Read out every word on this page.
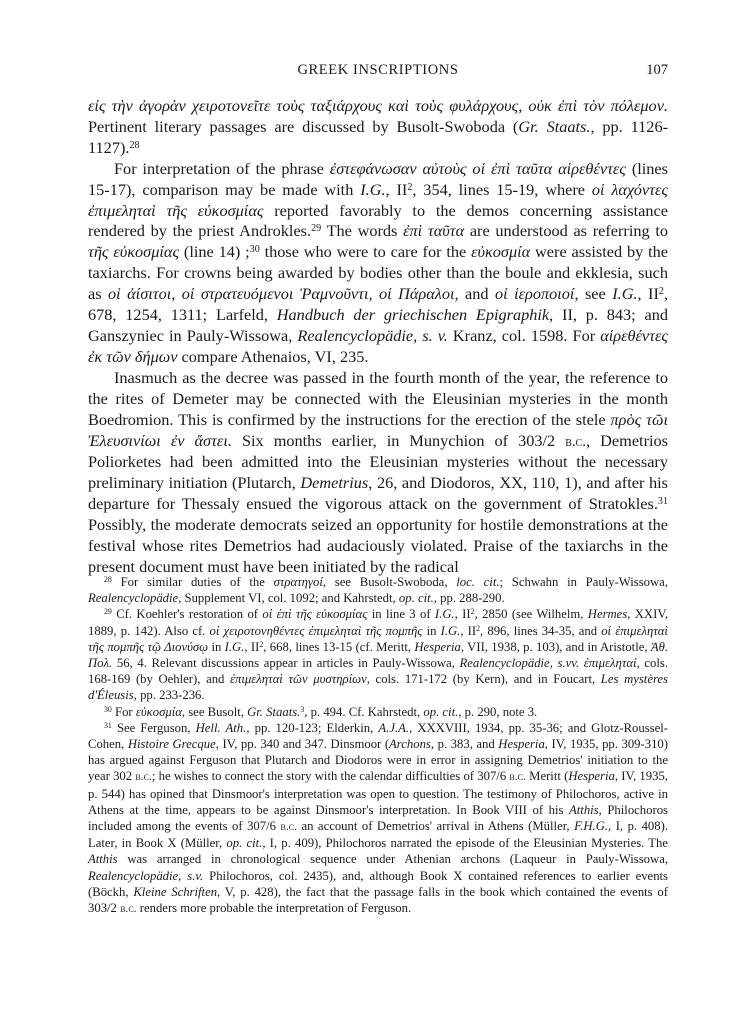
GREEK INSCRIPTIONS	107

εἰς τὴν ἀγορὰν χειροτονεῖτε τοὺς ταξιάρχους καὶ τοὺς φυλάρχους, οὐκ ἐπὶ τὸν πόλεμον. Pertinent literary passages are discussed by Busolt-Swoboda (Gr. Staats., pp. 1126-1127).$^{28}$

For interpretation of the phrase ἐστεφάνωσαν αὐτοὺς οἱ ἐπὶ ταῦτα αἱρεθέντες (lines 15-17), comparison may be made with I.G., $II^2$, 354, lines 15-19, where οἱ λαχόντες ἐπιμεληταὶ τῆς εὐκοσμίας reported favorably to the demos concerning assistance rendered by the priest Androkles.$^{29}$ The words ἐπὶ ταῦτα are understood as referring to τῆς εὐκοσμίας (line 14) ;$^{30}$ those who were to care for the εὐκοσμία were assisted by the taxiarchs. For crowns being awarded by bodies other than the boule and ekklesia, such as οἱ ἀίσιτοι, οἱ στρατευόμενοι Ῥαμνοῦντι, οἱ Πάραλοι, and οἱ ἱεροποιοί, see I.G., $II^2$, 678, 1254, 1311; Larfeld, Handbuch der griechischen Epigraphik, II, p. 843; and Ganszyniec in Pauly-Wissowa, Realencyclopädie, s. v. Kranz, col. 1598. For αἱρεθέντες ἐκ τῶν δήμων compare Athenaios, VI, 235.

Inasmuch as the decree was passed in the fourth month of the year, the reference to the rites of Demeter may be connected with the Eleusinian mysteries in the month Boedromion. This is confirmed by the instructions for the erection of the stele πρὸς τῶι Ἐλευσινίωι ἐν ἄστει. Six months earlier, in Munychion of 303/2 b.c., Demetrios Poliorketes had been admitted into the Eleusinian mysteries without the necessary preliminary initiation (Plutarch, Demetrius, 26, and Diodoros, XX, 110, 1), and after his departure for Thessaly ensued the vigorous attack on the government of Stratokles.$^{31}$ Possibly, the moderate democrats seized an opportunity for hostile demonstrations at the festival whose rites Demetrios had audaciously violated. Praise of the taxiarchs in the present document must have been initiated by the radical

$^{28}$ For similar duties of the στρατηγοί, see Busolt-Swoboda, loc. cit.; Schwahn in Pauly-Wissowa, Realencyclopädie, Supplement VI, col. 1092; and Kahrstedt, op. cit., pp. 288-290.

$^{29}$ Cf. Koehler's restoration of οἱ ἐπὶ τῆς εὐκοσμίας in line 3 of I.G., $II^2$, 2850 (see Wilhelm, Hermes, XXIV, 1889, p. 142). Also cf. οἱ χειροτονηθέντες ἐπιμεληταὶ τῆς πομπῆς in I.G., $II^2$, 896, lines 34-35, and οἱ ἐπιμεληταὶ τῆς πομπῆς τῷ Διονύσῳ in I.G., $II^2$, 668, lines 13-15 (cf. Meritt, Hesperia, VII, 1938, p. 103), and in Aristotle, Ἀθ. Πολ. 56, 4. Relevant discussions appear in articles in Pauly-Wissowa, Realencyclopädie, s.vv. ἐπιμεληταί, cols. 168-169 (by Oehler), and ἐπιμεληταὶ τῶν μυστηρίων, cols. 171-172 (by Kern), and in Foucart, Les mystères d'Éleusis, pp. 233-236.

$^{30}$ For εὐκοσμία, see Busolt, Gr. Staats.$^3$, p. 494. Cf. Kahrstedt, op. cit., p. 290, note 3.

$^{31}$ See Ferguson, Hell. Ath., pp. 120-123; Elderkin, A.J.A., XXXVIII, 1934, pp. 35-36; and Glotz-Roussel-Cohen, Histoire Grecque, IV, pp. 340 and 347. Dinsmoor (Archons, p. 383, and Hesperia, IV, 1935, pp. 309-310) has argued against Ferguson that Plutarch and Diodoros were in error in assigning Demetrios' initiation to the year 302 b.c.; he wishes to connect the story with the calendar difficulties of 307/6 b.c. Meritt (Hesperia, IV, 1935, p. 544) has opined that Dinsmoor's interpretation was open to question. The testimony of Philochoros, active in Athens at the time, appears to be against Dinsmoor's interpretation. In Book VIII of his Atthis, Philochoros included among the events of 307/6 b.c. an account of Demetrios' arrival in Athens (Müller, F.H.G., I, p. 408). Later, in Book X (Müller, op. cit., I, p. 409), Philochoros narrated the episode of the Eleusinian Mysteries. The Atthis was arranged in chronological sequence under Athenian archons (Laqueur in Pauly-Wissowa, Realencyclopädie, s.v. Philochoros, col. 2435), and, although Book X contained references to earlier events (Böckh, Kleine Schriften, V, p. 428), the fact that the passage falls in the book which contained the events of 303/2 b.c. renders more probable the interpretation of Ferguson.
